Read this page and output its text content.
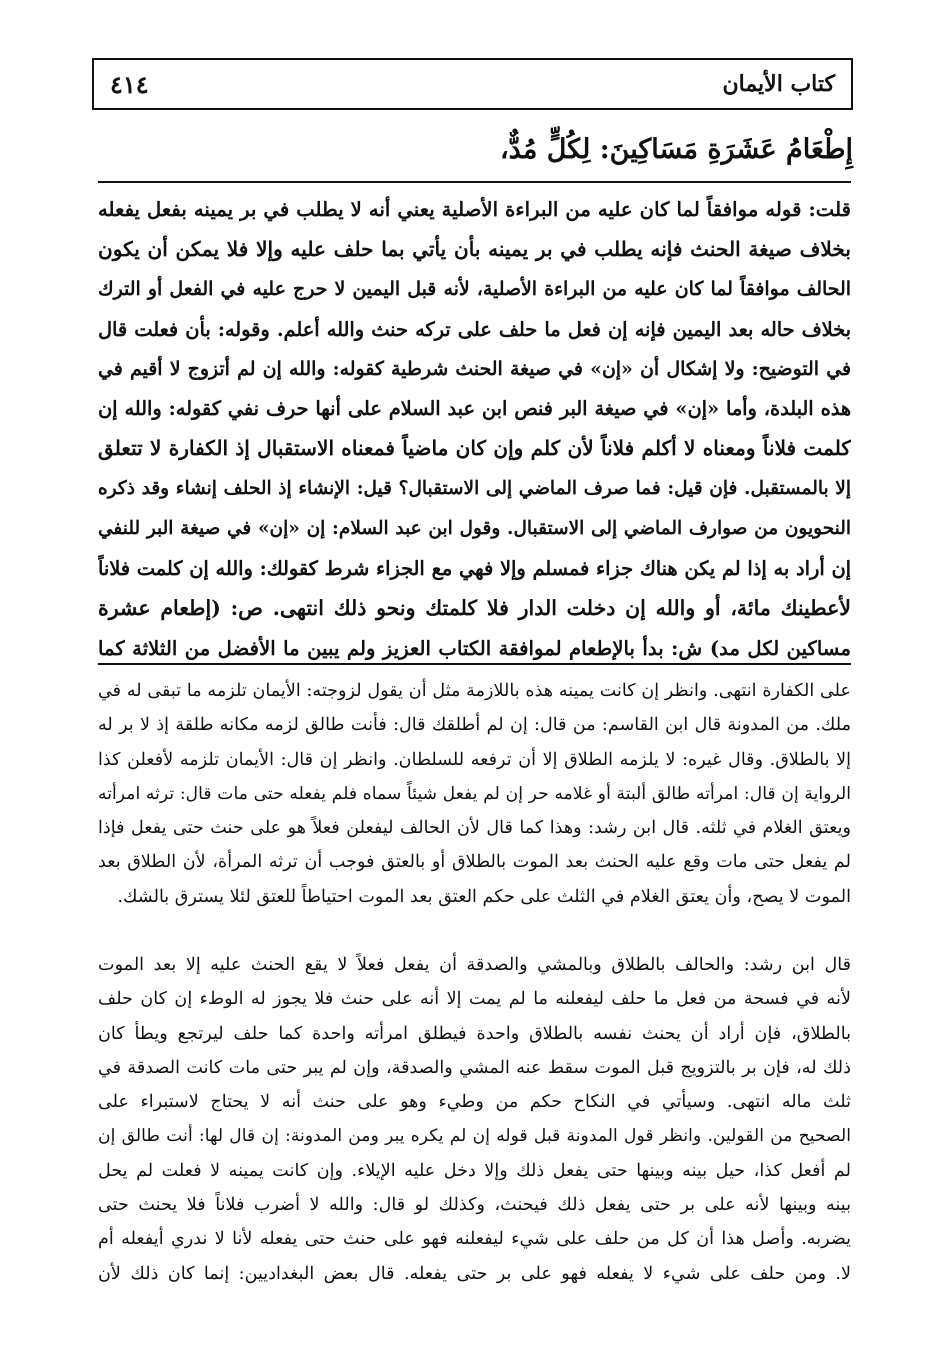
٤١٤	كتاب الأيمان
إِطْعَامُ عَشَرَةِ مَسَاكِينَ: لِكُلٍّ مُدٌّ،
قلت: قوله موافقاً لما كان عليه من البراءة الأصلية يعني أنه لا يطلب في بر يمينه بفعل يفعله
بخلاف صيغة الحنث فإنه يطلب في بر يمينه بأن يأتي بما حلف عليه وإلا فلا يمكن أن يكون
الحالف موافقاً لما كان عليه من البراءة الأصلية، لأنه قبل اليمين لا حرج عليه في الفعل أو الترك
بخلاف حاله بعد اليمين فإنه إن فعل ما حلف على تركه حنث والله أعلم. وقوله: بأن فعلت قال
في التوضيح: ولا إشكال أن «إن» في صيغة الحنث شرطية كقوله: والله إن لم أتزوج لا أقيم في
هذه البلدة، وأما «إن» في صيغة البر فنص ابن عبد السلام على أنها حرف نفي كقوله: والله إن
كلمت فلاناً ومعناه لا أكلم فلاناً لأن كلم وإن كان ماضياً فمعناه الاستقبال إذ الكفارة لا تتعلق
إلا بالمستقبل. فإن قيل: فما صرف الماضي إلى الاستقبال؟ قيل: الإنشاء إذ الحلف إنشاء وقد ذكره
النحويون من صوارف الماضي إلى الاستقبال. وقول ابن عبد السلام: إن «إن» في صيغة البر للنفي
إن أراد به إذا لم يكن هناك جزاء فمسلم وإلا فهي مع الجزاء شرط كقولك: والله إن كلمت فلاناً
لأعطينك مائة، أو والله إن دخلت الدار فلا كلمتك ونحو ذلك انتهى. ص: (إطعام عشرة
مساكين لكل مد) ش: بدأ بالإطعام لموافقة الكتاب العزيز ولم يبين ما الأفضل من الثلاثة كما
على الكفارة انتهى. وانظر إن كانت يمينه هذه باللازمة مثل أن يقول لزوجته: الأيمان تلزمه ما تبقى له في
ملك. من المدونة قال ابن القاسم: من قال: إن لم أطلقك قال: فأنت طالق لزمه مكانه طلقة إذ لا بر له
إلا بالطلاق. وقال غيره: لا يلزمه الطلاق إلا أن ترفعه للسلطان. وانظر إن قال: الأيمان تلزمه لأفعلن كذا
الرواية إن قال: امرأته طالق ألبتة أو غلامه حر إن لم يفعل شيئاً سماه فلم يفعله حتى مات قال: ترثه امرأته
ويعتق الغلام في ثلثه. قال ابن رشد: وهذا كما قال لأن الحالف ليفعلن فعلاً هو على حنث حتى يفعل فإذا
لم يفعل حتى مات وقع عليه الحنث بعد الموت بالطلاق أو بالعتق فوجب أن ترثه المرأة، لأن الطلاق بعد
الموت لا يصح، وأن يعتق الغلام في الثلث على حكم العتق بعد الموت احتياطاً للعتق لئلا يسترق بالشك.
قال ابن رشد: والحالف بالطلاق وبالمشي والصدقة أن يفعل فعلاً لا يقع الحنث عليه إلا بعد الموت
لأنه في فسحة من فعل ما حلف ليفعلنه ما لم يمت إلا أنه على حنث فلا يجوز له الوطء إن كان حلف
بالطلاق، فإن أراد أن يحنث نفسه بالطلاق واحدة فيطلق امرأته واحدة كما حلف ليرتجع ويطأ كان
ذلك له، فإن بر بالتزويج قبل الموت سقط عنه المشي والصدقة، وإن لم يبر حتى مات كانت الصدقة في
ثلث ماله انتهى. وسيأتي في النكاح حكم من وطيء وهو على حنث أنه لا يحتاج لاستبراء على
الصحيح من القولين. وانظر قول المدونة قبل قوله إن لم يكره يبر ومن المدونة: إن قال لها: أنت طالق إن
لم أفعل كذا، حيل بينه وبينها حتى يفعل ذلك وإلا دخل عليه الإيلاء. وإن كانت يمينه لا فعلت لم يحل
بينه وبينها لأنه على بر حتى يفعل ذلك فيحنث، وكذلك لو قال: والله لا أضرب فلاناً فلا يحنث حتى
يضربه. وأصل هذا أن كل من حلف على شيء ليفعلنه فهو على حنث حتى يفعله لأنا لا ندري أيفعله أم
لا. ومن حلف على شيء لا يفعله فهو على بر حتى يفعله. قال بعض البغداديين: إنما كان ذلك لأن
